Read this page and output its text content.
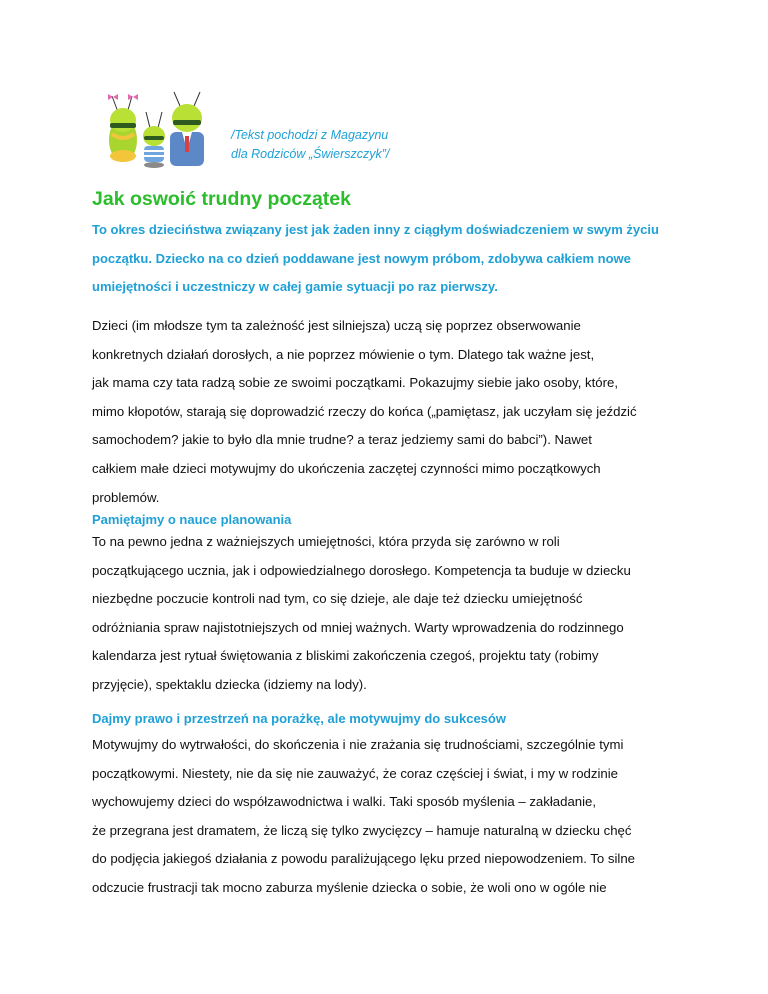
/Tekst pochodzi z Magazynu
dla Rodziców „Świerszczyk”/
Jak oswoić trudny początek
To okres dzieciństwa związany jest jak żaden inny z ciągłym doświadczeniem w swym życiu
początku. Dziecko na co dzień poddawane jest nowym próbom, zdobywa całkiem nowe
umiejętności i uczestniczy w całej gamie sytuacji po raz pierwszy.
Dzieci (im młodsze tym ta zależność jest silniejsza) uczą się poprzez obserwowanie
konkretnych działań dorosłych, a nie poprzez mówienie o tym. Dlatego tak ważne jest,
jak mama czy tata radzą sobie ze swoimi początkami. Pokazujmy siebie jako osoby, które,
mimo kłopotów, starają się doprowadzić rzeczy do końca („pamiętasz, jak uczyłam się jeździć
samochodem? jakie to było dla mnie trudne? a teraz jedziemy sami do babci”). Nawet
całkiem małe dzieci motywujmy do ukończenia zaczętej czynności mimo początkowych
problemów.
Pamiętajmy o nauce planowania
To na pewno jedna z ważniejszych umiejętności, która przyda się zarówno w roli
początkującego ucznia, jak i odpowiedzialnego dorosłego. Kompetencja ta buduje w dziecku
niezbędne poczucie kontroli nad tym, co się dzieje, ale daje też dziecku umiejętność
odróżniania spraw najistotniejszych od mniej ważnych. Warty wprowadzenia do rodzinnego
kalendarza jest rytuał świętowania z bliskimi zakończenia czegoś, projektu taty (robimy
przyjęcie), spektaklu dziecka (idziemy na lody).
Dajmy prawo i przestrzeń na porażkę, ale motywujmy do sukcesów
Motywujmy do wytrwałości, do skończenia i nie zrażania się trudnościami, szczególnie tymi
początkowymi. Niestety, nie da się nie zauważyć, że coraz częściej i świat, i my w rodzinie
wychowujemy dzieci do współzawodnictwa i walki. Taki sposób myślenia – zakładanie,
że przegrana jest dramatem, że liczą się tylko zwycięzcy – hamuje naturalną w dziecku chęć
do podjęcia jakiegoś działania z powodu paraliżującego lęku przed niepowodzeniem. To silne
odczucie frustracji tak mocno zaburza myślenie dziecka o sobie, że woli ono w ogóle nie
